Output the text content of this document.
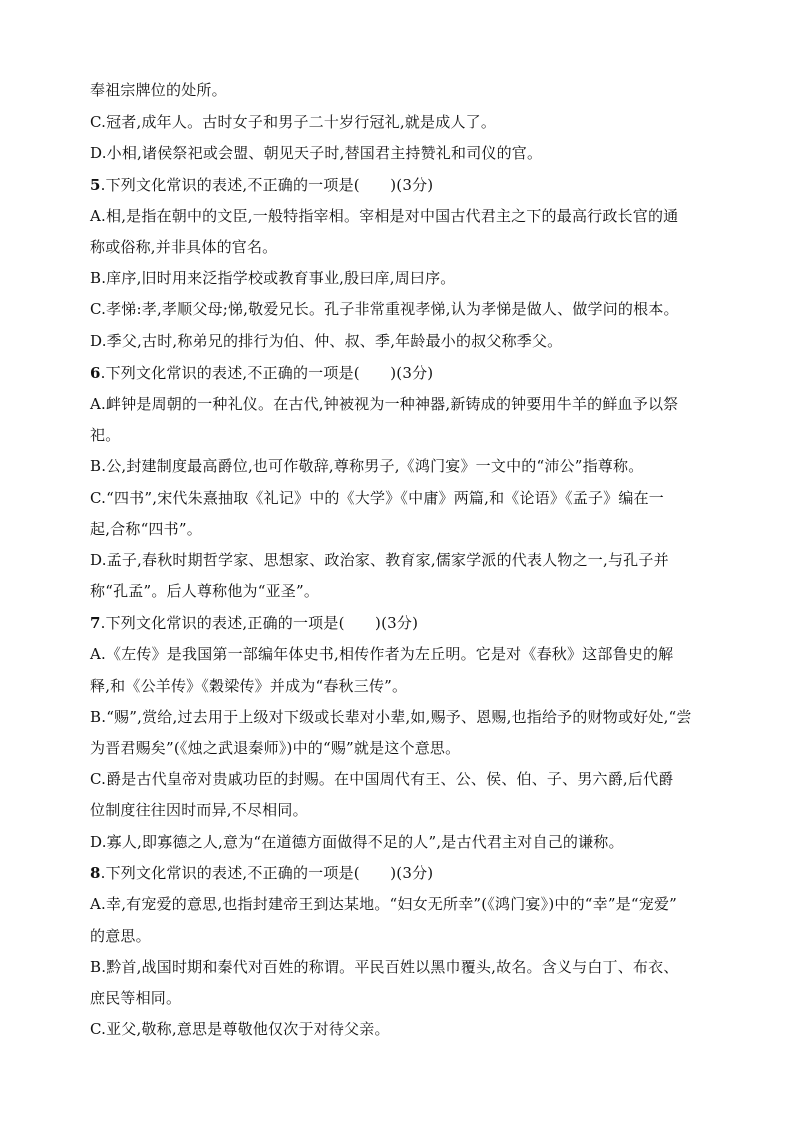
奉祖宗牌位的处所。
C.冠者,成年人。古时女子和男子二十岁行冠礼,就是成人了。
D.小相,诸侯祭祀或会盟、朝见天子时,替国君主持赞礼和司仪的官。
5.下列文化常识的表述,不正确的一项是(　　)(3分)
A.相,是指在朝中的文臣,一般特指宰相。宰相是对中国古代君主之下的最高行政长官的通
称或俗称,并非具体的官名。
B.庠序,旧时用来泛指学校或教育事业,殷曰庠,周曰序。
C.孝悌:孝,孝顺父母;悌,敬爱兄长。孔子非常重视孝悌,认为孝悌是做人、做学问的根本。
D.季父,古时,称弟兄的排行为伯、仲、叔、季,年龄最小的叔父称季父。
6.下列文化常识的表述,不正确的一项是(　　)(3分)
A.衅钟是周朝的一种礼仪。在古代,钟被视为一种神器,新铸成的钟要用牛羊的鲜血予以祭
祀。
B.公,封建制度最高爵位,也可作敬辞,尊称男子,《鸿门宴》一文中的“沛公”指尊称。
C.“四书”,宋代朱熹抽取《礼记》中的《大学》《中庸》两篇,和《论语》《孟子》编在一
起,合称“四书”。
D.孟子,春秋时期哲学家、思想家、政治家、教育家,儒家学派的代表人物之一,与孔子并
称“孔孟”。后人尊称他为“亚圣”。
7.下列文化常识的表述,正确的一项是(　　)(3分)
A.《左传》是我国第一部编年体史书,相传作者为左丘明。它是对《春秋》这部鲁史的解
释,和《公羊传》《穀梁传》并成为“春秋三传”。
B.“赐”,赏给,过去用于上级对下级或长辈对小辈,如,赐予、恩赐,也指给予的财物或好处,“尝
为晋君赐矣”(《烛之武退秦师》)中的“赐”就是这个意思。
C.爵是古代皇帝对贵戚功臣的封赐。在中国周代有王、公、侯、伯、子、男六爵,后代爵
位制度往往因时而异,不尽相同。
D.寡人,即寡德之人,意为“在道德方面做得不足的人”,是古代君主对自己的谦称。
8.下列文化常识的表述,不正确的一项是(　　)(3分)
A.幸,有宠爱的意思,也指封建帝王到达某地。“妇女无所幸”(《鸿门宴》)中的“幸”是“宠爱”
的意思。
B.黔首,战国时期和秦代对百姓的称谓。平民百姓以黑巾覆头,故名。含义与白丁、布衣、
庶民等相同。
C.亚父,敬称,意思是尊敬他仅次于对待父亲。
